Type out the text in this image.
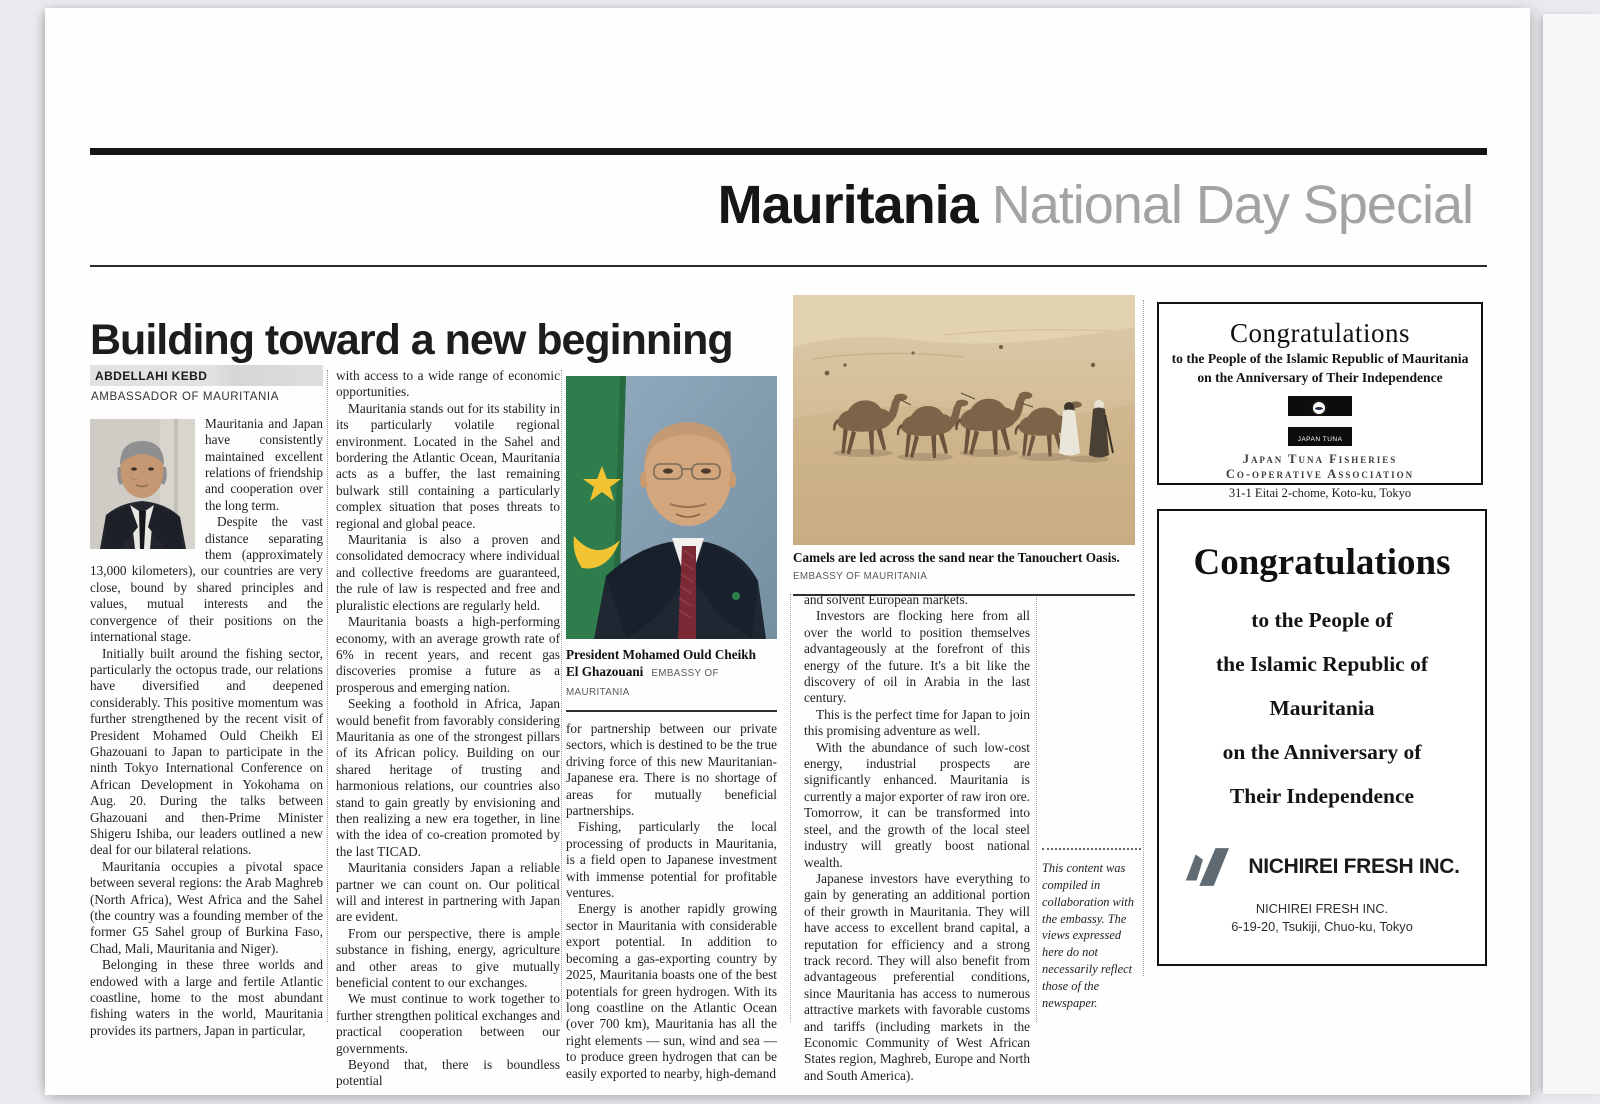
Mauritania National Day Special
Building toward a new beginning
ABDELLAHI KEBD
AMBASSADOR OF MAURITANIA

Mauritania and Japan have consistently maintained excellent relations of friendship and cooperation over the long term.

Despite the vast distance separating them (approximately 13,000 kilometers), our countries are very close, bound by shared principles and values, mutual interests and the convergence of their positions on the international stage.

Initially built around the fishing sector, particularly the octopus trade, our relations have diversified and deepened considerably. This positive momentum was further strengthened by the recent visit of President Mohamed Ould Cheikh El Ghazouani to Japan to participate in the ninth Tokyo International Conference on African Development in Yokohama on Aug. 20. During the talks between Ghazouani and then-Prime Minister Shigeru Ishiba, our leaders outlined a new deal for our bilateral relations.

Mauritania occupies a pivotal space between several regions: the Arab Maghreb (North Africa), West Africa and the Sahel (the country was a founding member of the former G5 Sahel group of Burkina Faso, Chad, Mali, Mauritania and Niger).

Belonging in these three worlds and endowed with a large and fertile Atlantic coastline, home to the most abundant fishing waters in the world, Mauritania provides its partners, Japan in particular,

with access to a wide range of economic opportunities.

Mauritania stands out for its stability in its particularly volatile regional environment. Located in the Sahel and bordering the Atlantic Ocean, Mauritania acts as a buffer, the last remaining bulwark still containing a particularly complex situation that poses threats to regional and global peace.

Mauritania is also a proven and consolidated democracy where individual and collective freedoms are guaranteed, the rule of law is respected and free and pluralistic elections are regularly held.

Mauritania boasts a high-performing economy, with an average growth rate of 6% in recent years, and recent gas discoveries promise a future as a prosperous and emerging nation.

Seeking a foothold in Africa, Japan would benefit from favorably considering Mauritania as one of the strongest pillars of its African policy. Building on our shared heritage of trusting and harmonious relations, our countries also stand to gain greatly by envisioning and then realizing a new era together, in line with the idea of co-creation promoted by the last TICAD.

Mauritania considers Japan a reliable partner we can count on. Our political will and interest in partnering with Japan are evident.

From our perspective, there is ample substance in fishing, energy, agriculture and other areas to give mutually beneficial content to our exchanges.

We must continue to work together to further strengthen political exchanges and practical cooperation between our governments.

Beyond that, there is boundless potential

President Mohamed Ould Cheikh
El Ghazouani EMBASSY OF MAURITANIA

for partnership between our private sectors, which is destined to be the true driving force of this new Mauritanian-Japanese era. There is no shortage of areas for mutually beneficial partnerships.

Fishing, particularly the local processing of products in Mauritania, is a field open to Japanese investment with immense potential for profitable ventures.

Energy is another rapidly growing sector in Mauritania with considerable export potential. In addition to becoming a gas-exporting country by 2025, Mauritania boasts one of the best potentials for green hydrogen. With its long coastline on the Atlantic Ocean (over 700 km), Mauritania has all the right elements — sun, wind and sea — to produce green hydrogen that can be easily exported to nearby, high-demand

Camels are led across the sand near the Tanouchert Oasis.
EMBASSY OF MAURITANIA

and solvent European markets.

Investors are flocking here from all over the world to position themselves advantageously at the forefront of this energy of the future. It's a bit like the discovery of oil in Arabia in the last century.

This is the perfect time for Japan to join this promising adventure as well.

With the abundance of such low-cost energy, industrial prospects are significantly enhanced. Mauritania is currently a major exporter of raw iron ore. Tomorrow, it can be transformed into steel, and the growth of the local steel industry will greatly boost national wealth.

Japanese investors have everything to gain by generating an additional portion of their growth in Mauritania. They will have access to excellent brand capital, a reputation for efficiency and a strong track record. They will also benefit from advantageous preferential conditions, since Mauritania has access to numerous attractive markets with favorable customs and tariffs (including markets in the Economic Community of West African States region, Maghreb, Europe and North and South America).

This content was compiled in collaboration with the embassy. The views expressed here do not necessarily reflect those of the newspaper.
Congratulations
to the People of the Islamic Republic of Mauritania
on the Anniversary of Their Independence
JAPAN TUNA
Japan Tuna Fisheries
Co-operative Association
31-1 Eitai 2-chome, Koto-ku, Tokyo
Congratulations
to the People of
the Islamic Republic of
Mauritania
on the Anniversary of
Their Independence
NICHIREI FRESH INC.
NICHIREI FRESH INC.
6-19-20, Tsukiji, Chuo-ku, Tokyo
